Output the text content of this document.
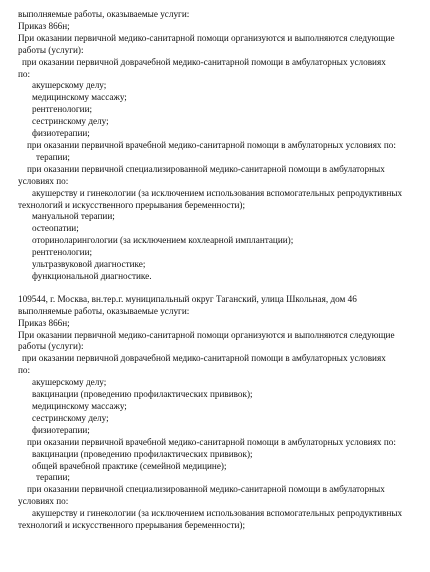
выполняемые работы, оказываемые услуги:
Приказ 866н;
При оказании первичной медико-санитарной помощи организуются и выполняются следующие
работы (услуги):
при оказании первичной доврачебной медико-санитарной помощи в амбулаторных условиях
по:
акушерскому делу;
медицинскому массажу;
рентгенологии;
сестринскому делу;
физиотерапии;
при оказании первичной врачебной медико-санитарной помощи в амбулаторных условиях по:
терапии;
при оказании первичной специализированной медико-санитарной помощи в амбулаторных
условиях по:
акушерству и гинекологии (за исключением использования вспомогательных репродуктивных
технологий и искусственного прерывания беременности);
мануальной терапии;
остеопатии;
оториноларингологии (за исключением кохлеарной имплантации);
рентгенологии;
ультразвуковой диагностике;
функциональной диагностике.
109544, г. Москва, вн.тер.г. муниципальный округ Таганский, улица Школьная, дом 46
выполняемые работы, оказываемые услуги:
Приказ 866н;
При оказании первичной медико-санитарной помощи организуются и выполняются следующие
работы (услуги):
при оказании первичной доврачебной медико-санитарной помощи в амбулаторных условиях
по:
акушерскому делу;
вакцинации (проведению профилактических прививок);
медицинскому массажу;
сестринскому делу;
физиотерапии;
при оказании первичной врачебной медико-санитарной помощи в амбулаторных условиях по:
вакцинации (проведению профилактических прививок);
общей врачебной практике (семейной медицине);
терапии;
при оказании первичной специализированной медико-санитарной помощи в амбулаторных
условиях по:
акушерству и гинекологии (за исключением использования вспомогательных репродуктивных
технологий и искусственного прерывания беременности);
